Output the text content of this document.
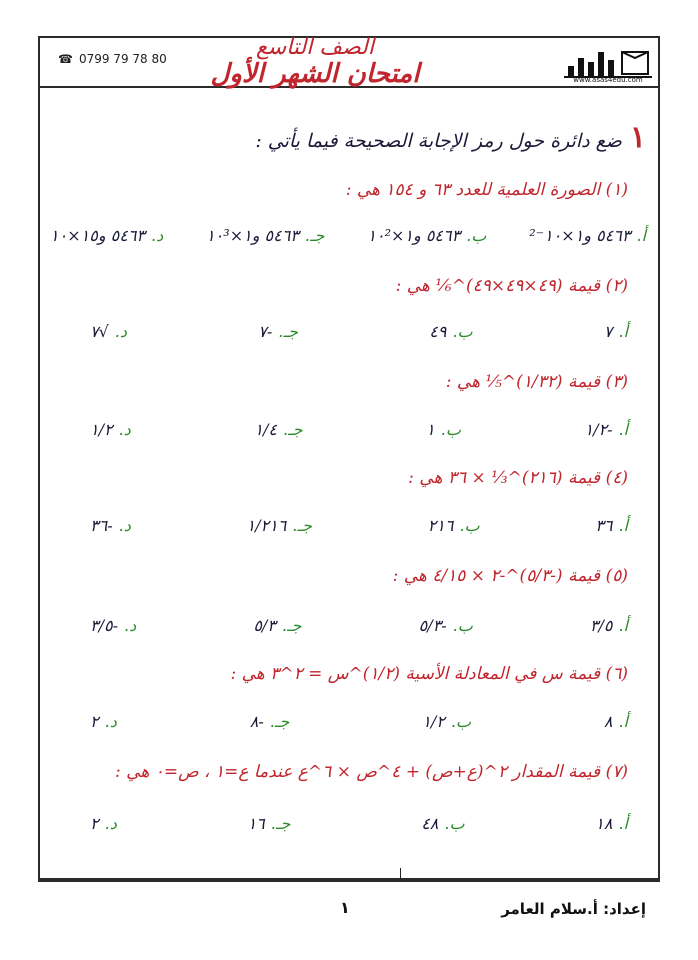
☎ 0799 79 78 80	الصف التاسع
امتحان الشهر الأول	www.asas4edu.com
١ضع دائرة حول رمز الإجابة الصحيحة فيما يأتي :
(١) الصورة العلمية للعدد ٦٣ و ١٥٤ هي :
أ.٥٤٦٣ و١×١٠⁻²
ب.٥٤٦٣ و١×١٠²
جـ.٥٤٦٣ و١×١٠³
د.٥٤٦٣ و١٥×١٠
(٢) قيمة (٤٩×٤٩×٤٩)^⅙ هي :
أ.٧
ب.٤٩
جـ.-٧
د.√٧
(٣) قيمة (١/٣٢)^⅕ هي :
أ.-١/٢
ب.١
جـ.١/٤
د.١/٢
(٤) قيمة (٢١٦)^⅓ × ٣٦ هي :
أ.٣٦
ب.٢١٦
جـ.١/٢١٦
د.-٣٦
(٥) قيمة (-٥/٣)^-٢ × ٤/١٥ هي :
أ.٣/٥
ب.-٥/٣
جـ.٥/٣
د.-٣/٥
(٦) قيمة س في المعادلة الأسية (١/٢)^س = ٢^٣ هي :
أ.٨
ب.١/٢
جـ.-٨
د.٢
(٧) قيمة المقدار ٢^(ع+ص) + ٤^ص × ٦^ع عندما ع=١ ، ص=٠ هي :
أ.١٨
ب.٤٨
جـ.١٦
د.٢
إعداد: أ.سلام العامر
١
